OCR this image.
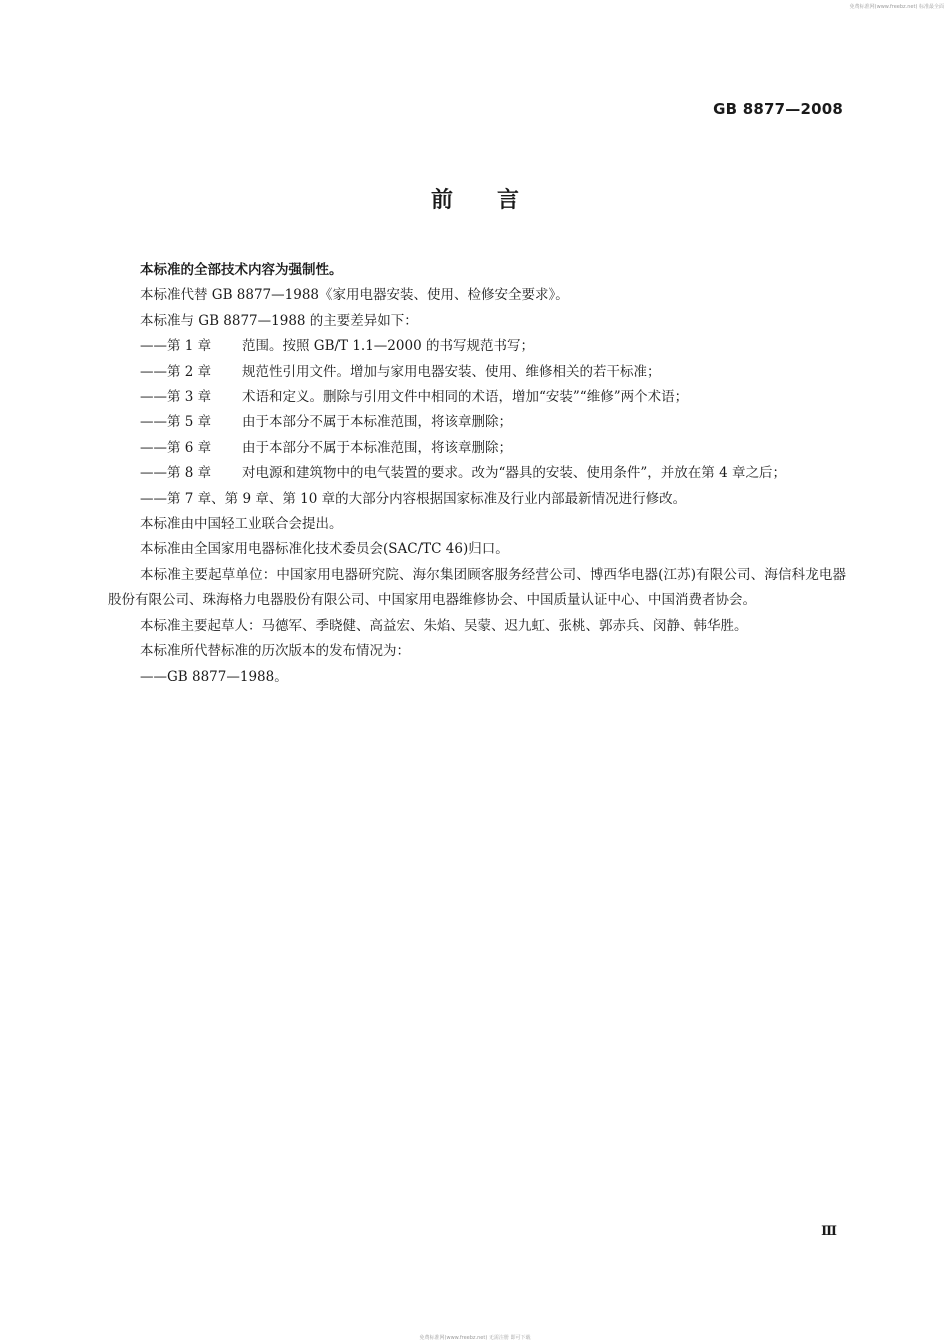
免费标准网(www.freebz.net) 标准最全面
GB 8877—2008
前 言

本标准的全部技术内容为强制性。

本标准代替 GB 8877—1988《家用电器安装、使用、检修安全要求》。

本标准与 GB 8877—1988 的主要差异如下：

——第 1 章	范围。按照 GB/T 1.1—2000 的书写规范书写；
——第 2 章	规范性引用文件。增加与家用电器安装、使用、维修相关的若干标准；
——第 3 章	术语和定义。删除与引用文件中相同的术语，增加“安装”“维修”两个术语；
——第 5 章	由于本部分不属于本标准范围，将该章删除；
——第 6 章	由于本部分不属于本标准范围，将该章删除；
——第 8 章	对电源和建筑物中的电气装置的要求。改为“器具的安装、使用条件”，并放在第 4 章之后；
——第 7 章、第 9 章、第 10 章的大部分内容根据国家标准及行业内部最新情况进行修改。

本标准由中国轻工业联合会提出。

本标准由全国家用电器标准化技术委员会(SAC/TC 46)归口。

本标准主要起草单位：中国家用电器研究院、海尔集团顾客服务经营公司、博西华电器(江苏)有限公司、海信科龙电器股份有限公司、珠海格力电器股份有限公司、中国家用电器维修协会、中国质量认证中心、中国消费者协会。

本标准主要起草人：马德军、季晓健、高益宏、朱焰、吴蒙、迟九虹、张桃、郭赤兵、闵静、韩华胜。

本标准所代替标准的历次版本的发布情况为：

——GB 8877—1988。
Ⅲ
免费标准网(www.freebz.net) 无需注册 即可下载
